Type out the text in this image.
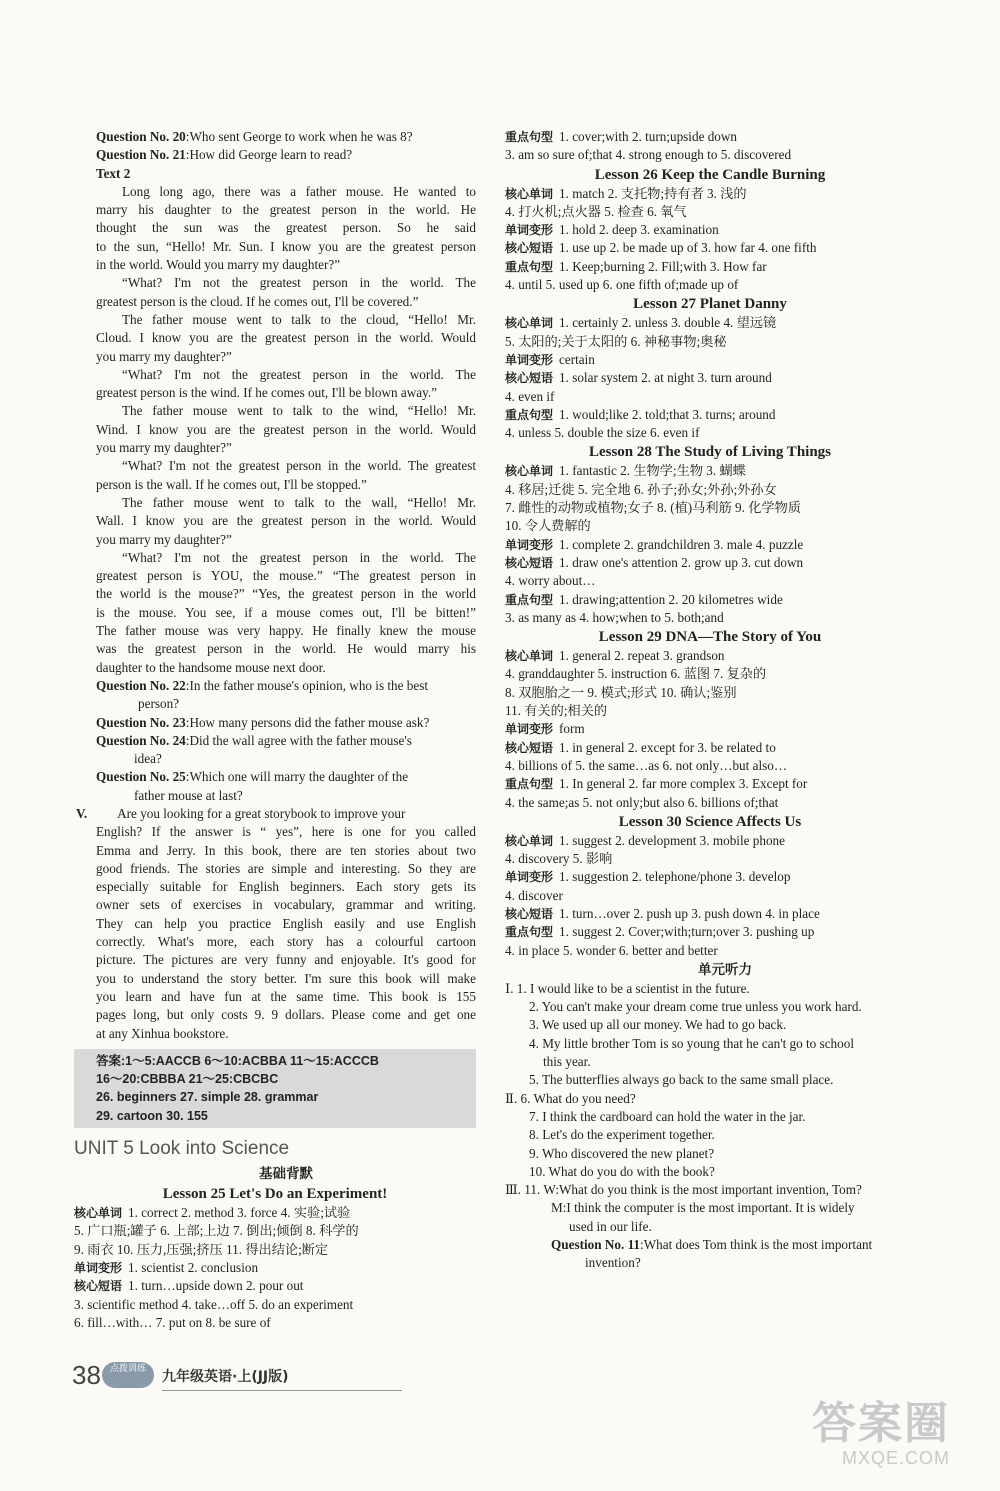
Question No. 20:Who sent George to work when he was 8?
Question No. 21:How did George learn to read?
Text 2
Long long ago, there was a father mouse. He wanted to
marry his daughter to the greatest person in the world. He
thought the sun was the greatest person. So he said
to the sun, “Hello! Mr. Sun. I know you are the greatest person
in the world. Would you marry my daughter?”
“What? I'm not the greatest person in the world. The
greatest person is the cloud. If he comes out, I'll be covered.”
The father mouse went to talk to the cloud, “Hello! Mr.
Cloud. I know you are the greatest person in the world. Would
you marry my daughter?”
“What? I'm not the greatest person in the world. The
greatest person is the wind. If he comes out, I'll be blown away.”
The father mouse went to talk to the wind, “Hello! Mr.
Wind. I know you are the greatest person in the world. Would
you marry my daughter?”
“What? I'm not the greatest person in the world. The greatest
person is the wall. If he comes out, I'll be stopped.”
The father mouse went to talk to the wall, “Hello! Mr.
Wall. I know you are the greatest person in the world. Would
you marry my daughter?”
“What? I'm not the greatest person in the world. The
greatest person is YOU, the mouse.” “The greatest person in
the world is the mouse?” “Yes, the greatest person in the world
is the mouse. You see, if a mouse comes out, I'll be bitten!”
The father mouse was very happy. He finally knew the mouse
was the greatest person in the world. He would marry his
daughter to the handsome mouse next door.
Question No. 22:In the father mouse's opinion, who is the best
person?
Question No. 23:How many persons did the father mouse ask?
Question No. 24:Did the wall agree with the father mouse's
idea?
Question No. 25:Which one will marry the daughter of the
father mouse at last?
V. Are you looking for a great storybook to improve your
English? If the answer is “ yes”, here is one for you called
Emma and Jerry. In this book, there are ten stories about two
good friends. The stories are simple and interesting. So they are
especially suitable for English beginners. Each story gets its
owner sets of exercises in vocabulary, grammar and writing.
They can help you practice English easily and use English
correctly. What's more, each story has a colourful cartoon
picture. The pictures are very funny and enjoyable. It's good for
you to understand the story better. I'm sure this book will make
you learn and have fun at the same time. This book is 155
pages long, but only costs 9. 9 dollars. Please come and get one
at any Xinhua bookstore.
答案:1～5:AACCB 6～10:ACBBA 11～15:ACCCB
16～20:CBBBA 21～25:CBCBC
26. beginners 27. simple 28. grammar
29. cartoon 30. 155
UNIT 5 Look into Science
基础背默
Lesson 25 Let's Do an Experiment!
核心单词 1. correct 2. method 3. force 4. 实验;试验
5. 广口瓶;罐子 6. 上部;上边 7. 倒出;倾倒 8. 科学的
9. 雨衣 10. 压力,压强;挤压 11. 得出结论;断定
单词变形 1. scientist 2. conclusion
核心短语 1. turn…upside down 2. pour out
3. scientific method 4. take…off 5. do an experiment
6. fill…with… 7. put on 8. be sure of
重点句型 1. cover;with 2. turn;upside down
3. am so sure of;that 4. strong enough to 5. discovered
Lesson 26 Keep the Candle Burning
核心单词 1. match 2. 支托物;持有者 3. 浅的
4. 打火机;点火器 5. 检查 6. 氧气
单词变形 1. hold 2. deep 3. examination
核心短语 1. use up 2. be made up of 3. how far 4. one fifth
重点句型 1. Keep;burning 2. Fill;with 3. How far
4. until 5. used up 6. one fifth of;made up of
Lesson 27 Planet Danny
核心单词 1. certainly 2. unless 3. double 4. 望远镜
5. 太阳的;关于太阳的 6. 神秘事物;奥秘
单词变形 certain
核心短语 1. solar system 2. at night 3. turn around
4. even if
重点句型 1. would;like 2. told;that 3. turns; around
4. unless 5. double the size 6. even if
Lesson 28 The Study of Living Things
核心单词 1. fantastic 2. 生物学;生物 3. 蝴蝶
4. 移居;迁徙 5. 完全地 6. 孙子;孙女;外孙;外孙女
7. 雌性的动物或植物;女子 8. (植)马利筋 9. 化学物质
10. 令人费解的
单词变形 1. complete 2. grandchildren 3. male 4. puzzle
核心短语 1. draw one's attention 2. grow up 3. cut down
4. worry about…
重点句型 1. drawing;attention 2. 20 kilometres wide
3. as many as 4. how;when to 5. both;and
Lesson 29 DNA—The Story of You
核心单词 1. general 2. repeat 3. grandson
4. granddaughter 5. instruction 6. 蓝图 7. 复杂的
8. 双胞胎之一 9. 模式;形式 10. 确认;鉴别
11. 有关的;相关的
单词变形 form
核心短语 1. in general 2. except for 3. be related to
4. billions of 5. the same…as 6. not only…but also…
重点句型 1. In general 2. far more complex 3. Except for
4. the same;as 5. not only;but also 6. billions of;that
Lesson 30 Science Affects Us
核心单词 1. suggest 2. development 3. mobile phone
4. discovery 5. 影响
单词变形 1. suggestion 2. telephone/phone 3. develop
4. discover
核心短语 1. turn…over 2. push up 3. push down 4. in place
重点句型 1. suggest 2. Cover;with;turn;over 3. pushing up
4. in place 5. wonder 6. better and better
单元听力
Ⅰ. 1. I would like to be a scientist in the future.
2. You can't make your dream come true unless you work hard.
3. We used up all our money. We had to go back.
4. My little brother Tom is so young that he can't go to school
this year.
5. The butterflies always go back to the same small place.
Ⅱ. 6. What do you need?
7. I think the cardboard can hold the water in the jar.
8. Let's do the experiment together.
9. Who discovered the new planet?
10. What do you do with the book?
Ⅲ. 11. W:What do you think is the most important invention, Tom?
M:I think the computer is the most important. It is widely
used in our life.
Question No. 11:What does Tom think is the most important
invention?
38	点拨训练	九年级英语·上(JJ版)
答案圈
MXQE.COM
